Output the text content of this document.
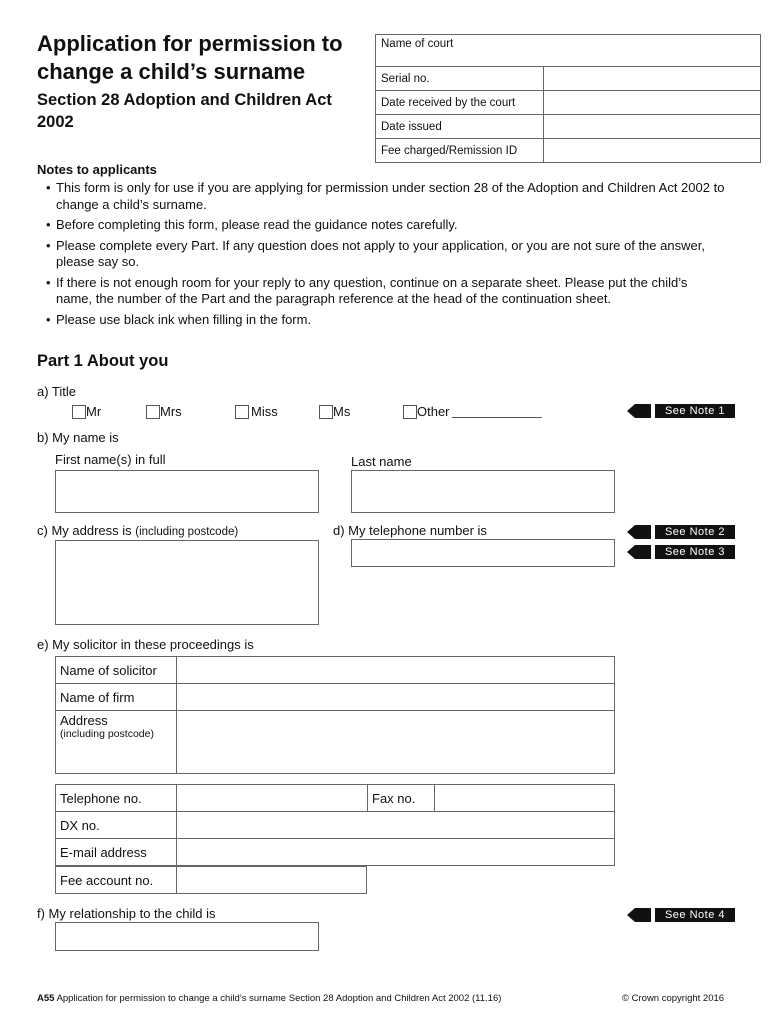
Application for permission to change a child’s surname
Section 28 Adoption and Children Act 2002
Name of court	
Serial no.	
Date received by the court	
Date issued	
Fee charged/Remission ID	
Notes to applicants
• This form is only for use if you are applying for permission under section 28 of the Adoption and Children Act 2002 to change a child’s surname.
• Before completing this form, please read the guidance notes carefully.
• Please complete every Part. If any question does not apply to your application, or you are not sure of the answer, please say so.
• If there is not enough room for your reply to any question, continue on a separate sheet. Please put the child’s name, the number of the Part and the paragraph reference at the head of the continuation sheet.
• Please use black ink when filling in the form.
Part 1 About you
a) Title
Mr	Mrs	Miss	Ms	Other	See Note 1
b) My name is
First name(s) in full	Last name
c) My address is (including postcode)	d) My telephone number is	See Note 2
See Note 3
e) My solicitor in these proceedings is
Name of solicitor	
Name of firm	

Address
(including postcode)	

Telephone no.		Fax no.	
DX no.			
E-mail address			
Fee account no.	
f) My relationship to the child is	See Note 4
A55 Application for permission to change a child’s surname Section 28 Adoption and Children Act 2002 (11.16)	© Crown copyright 2016
